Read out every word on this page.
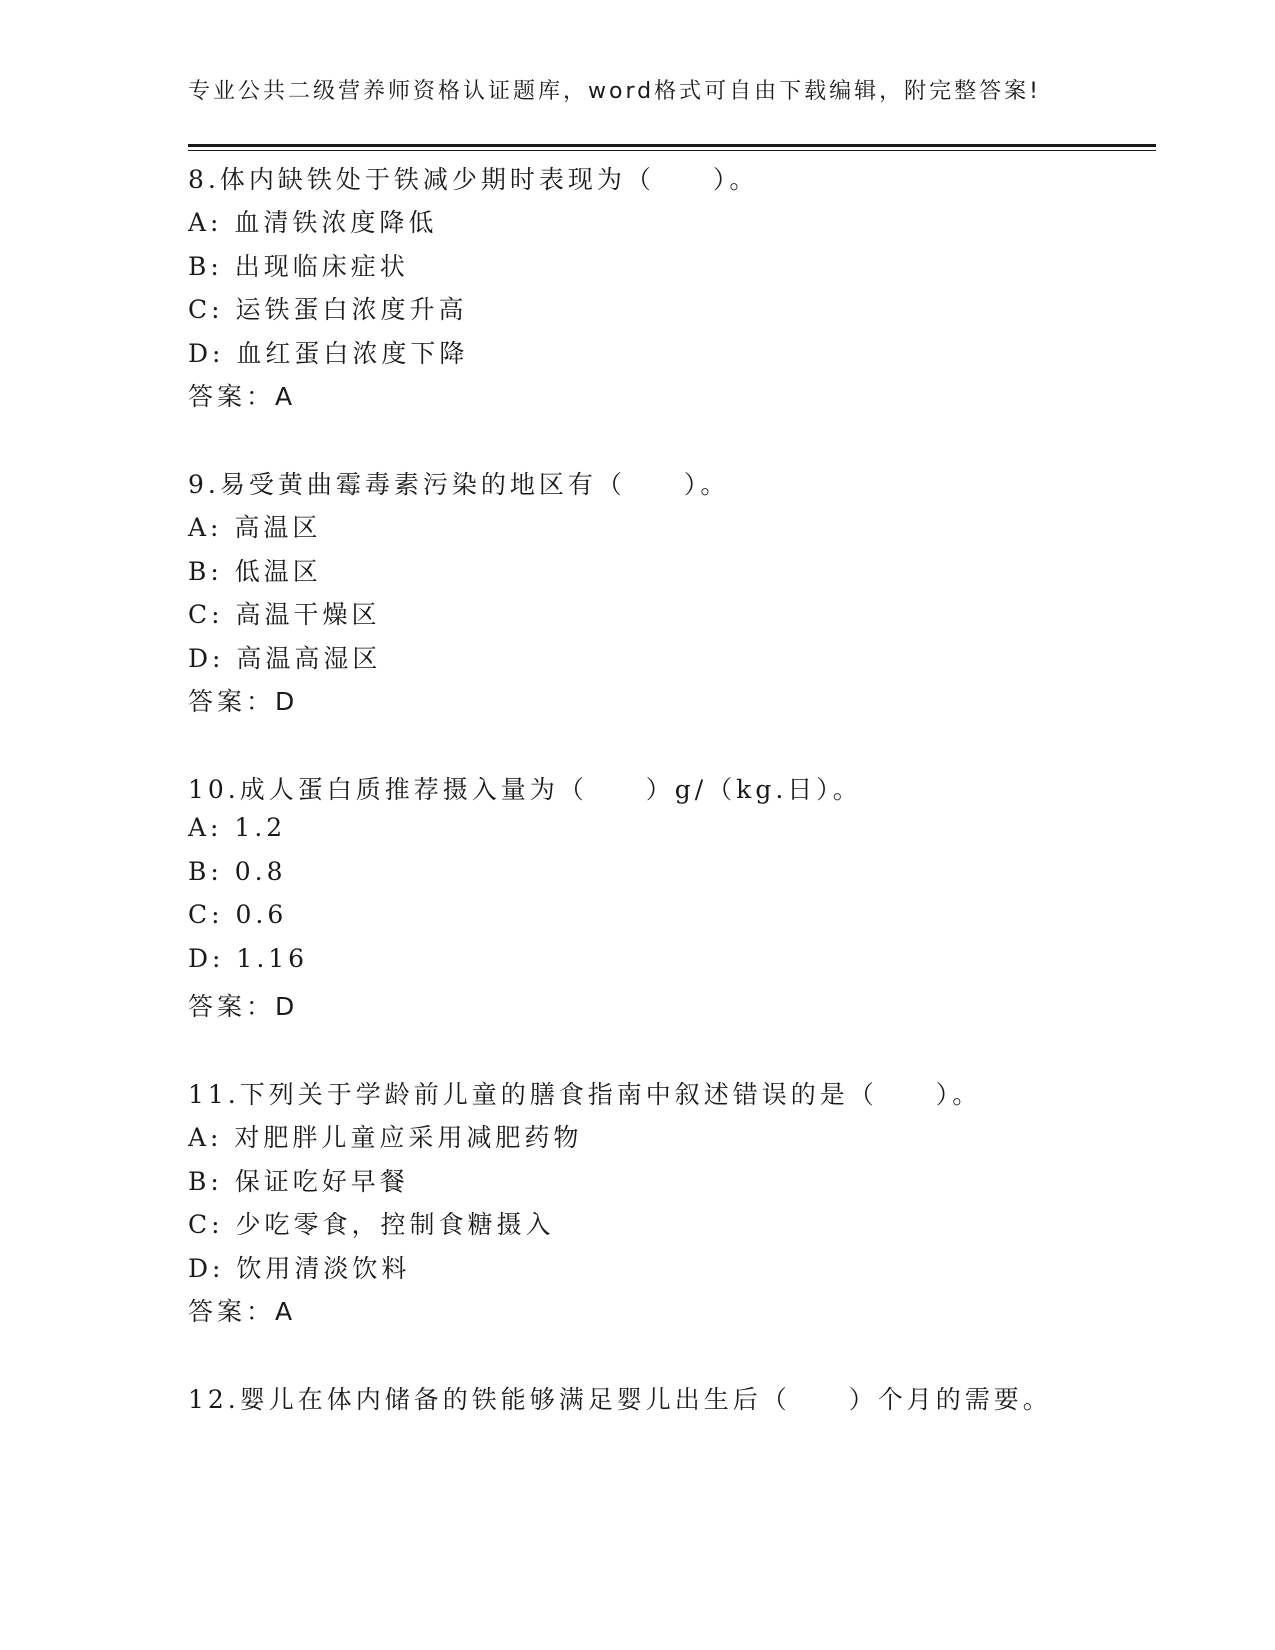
专业公共二级营养师资格认证题库，word格式可自由下载编辑，附完整答案!
8.体内缺铁处于铁减少期时表现为（　　）。
A: 血清铁浓度降低
B: 出现临床症状
C: 运铁蛋白浓度升高
D: 血红蛋白浓度下降
答案：A
9.易受黄曲霉毒素污染的地区有（　　）。
A: 高温区
B: 低温区
C: 高温干燥区
D: 高温高湿区
答案：D
10.成人蛋白质推荐摄入量为（　　）g/（kg.日）。
A: 1.2
B: 0.8
C: 0.6
D: 1.16
答案：D
11.下列关于学龄前儿童的膳食指南中叙述错误的是（　　）。
A: 对肥胖儿童应采用减肥药物
B: 保证吃好早餐
C: 少吃零食，控制食糖摄入
D: 饮用清淡饮料
答案：A
12.婴儿在体内储备的铁能够满足婴儿出生后（　　）个月的需要。
